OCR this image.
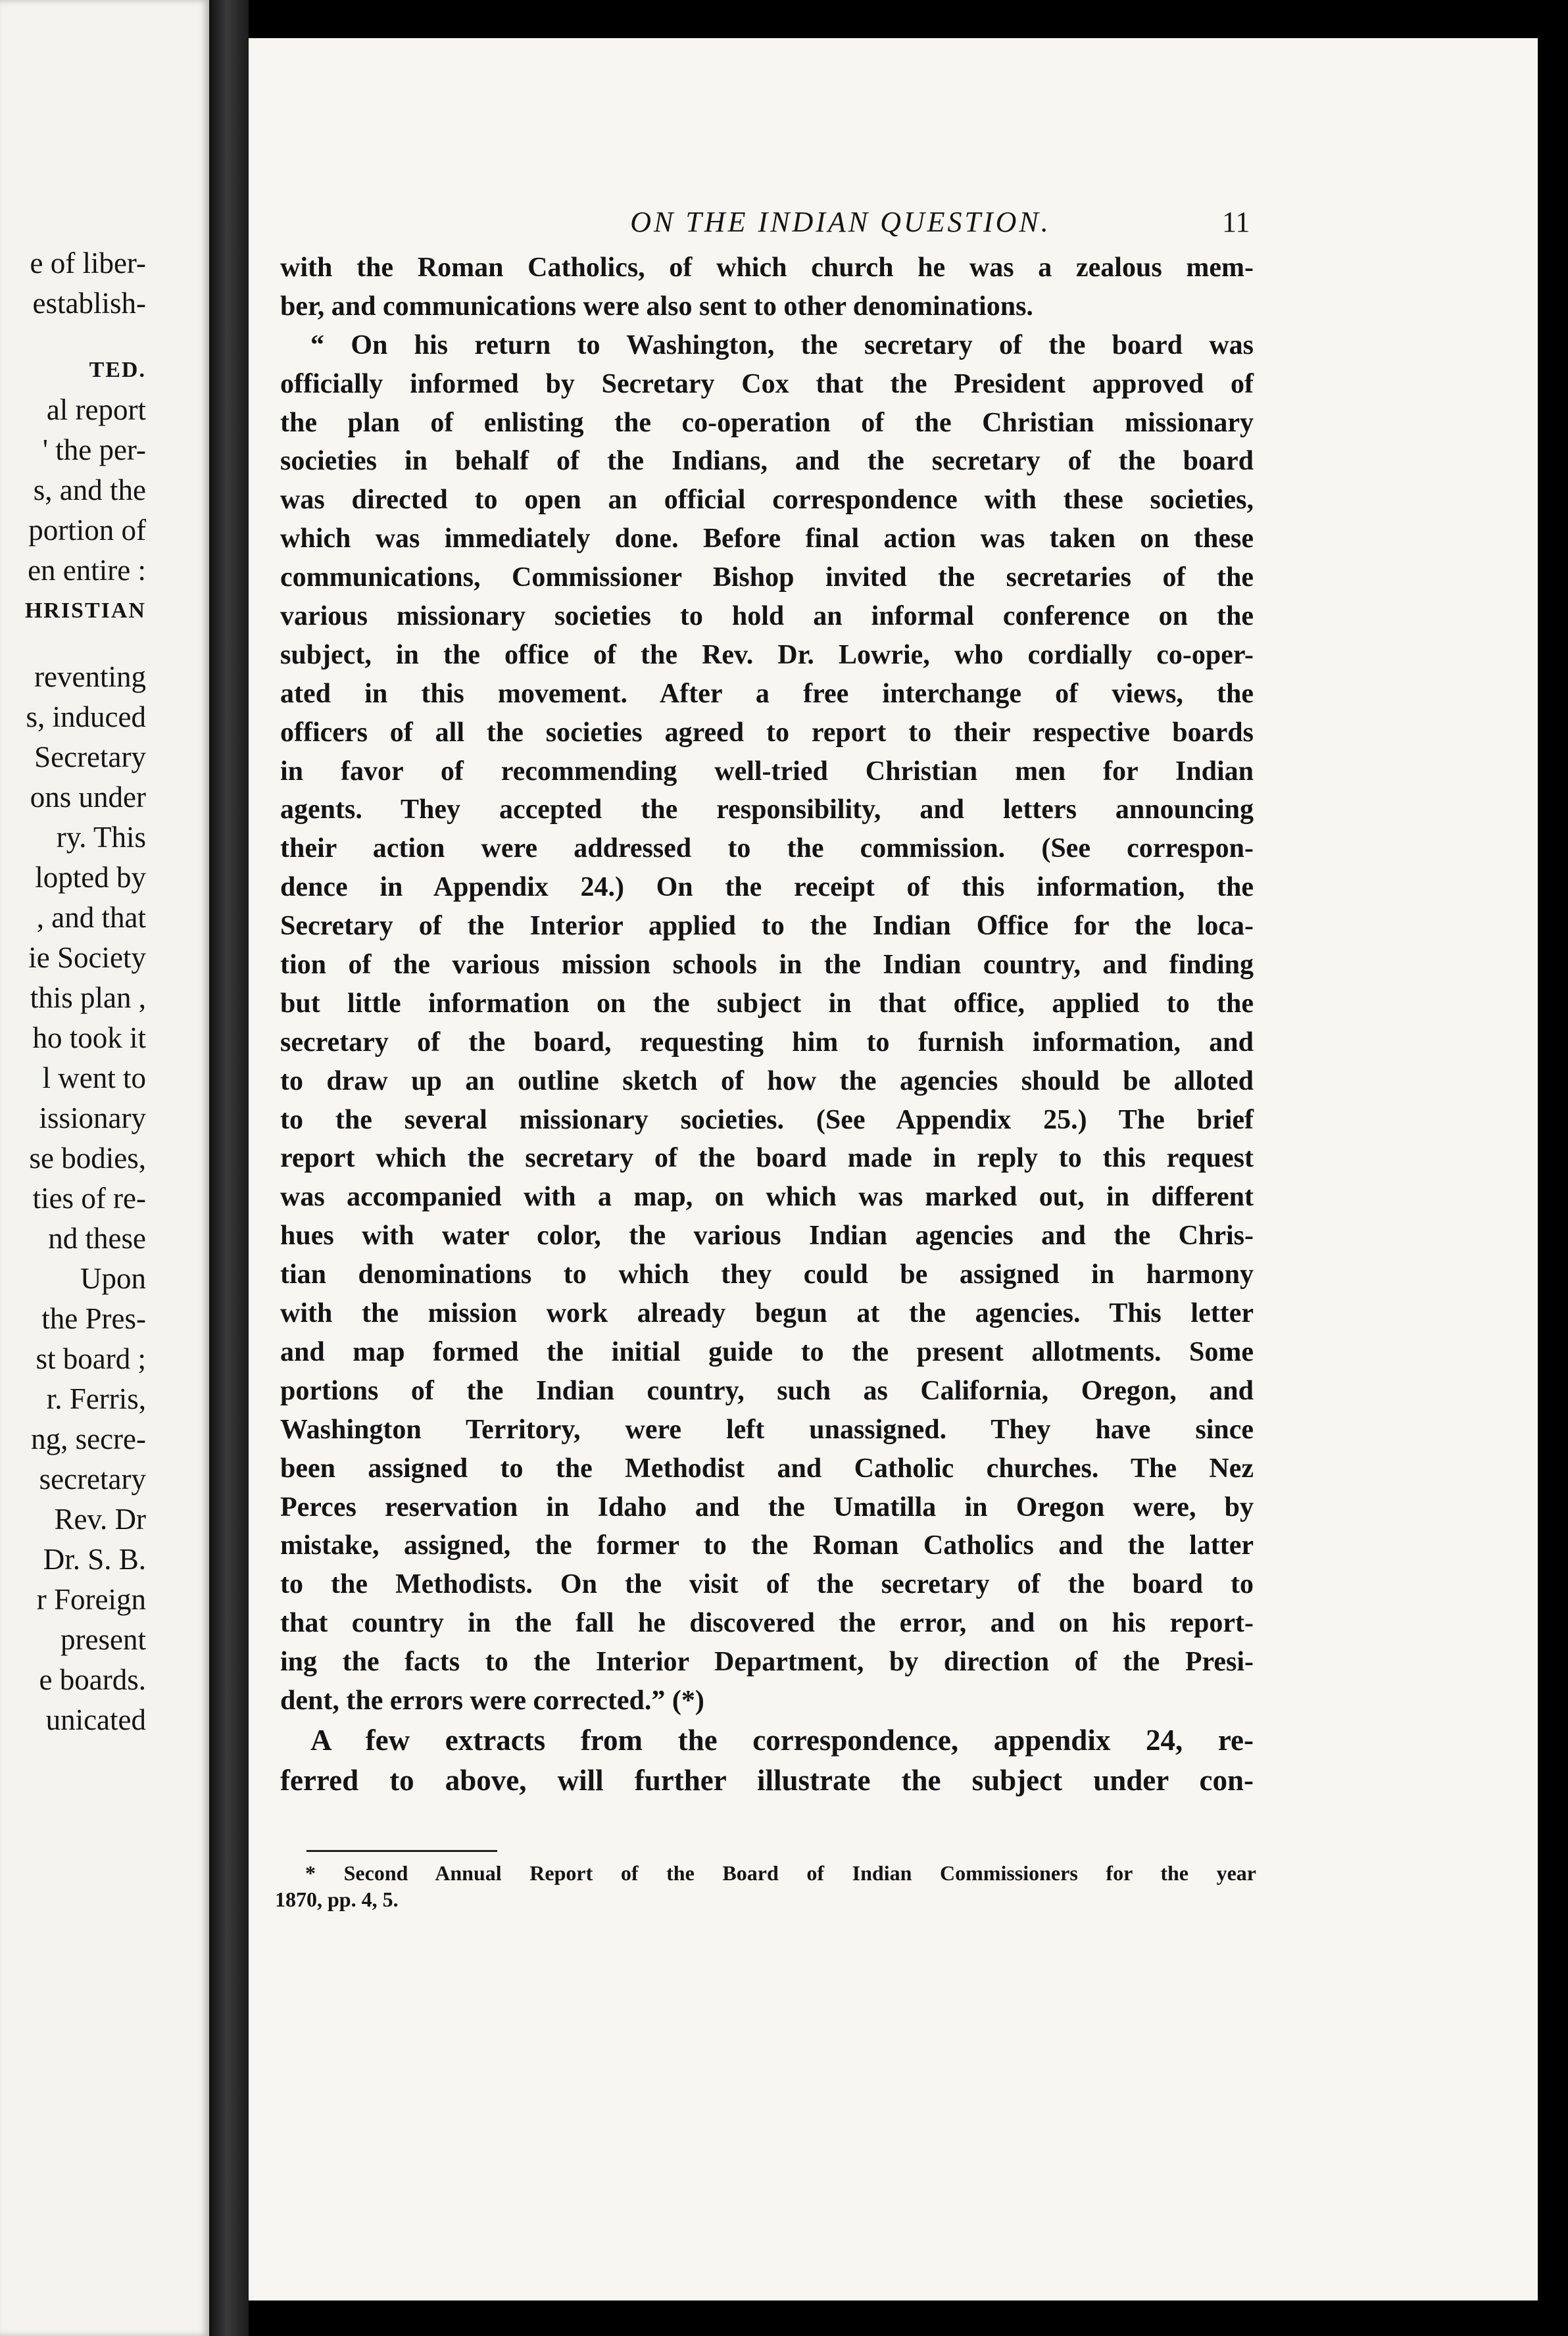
e of liber-
establish-
TED.
al report
' the per-
s, and the
portion of
en entire :
HRISTIAN
reventing
s, induced
Secretary
ons under
ry. This
lopted by
, and that
ie Society
this plan ,
ho took it
l went to
issionary
se bodies,
ties of re-
nd these
Upon
the Pres-
st board ;
r. Ferris,
ng, secre-
secretary
Rev. Dr
Dr. S. B.
r Foreign
present
e boards.
unicated
ON THE INDIAN QUESTION.	11
with the Roman Catholics, of which church he was a zealous mem-
ber, and communications were also sent to other denominations.
“ On his return to Washington, the secretary of the board was
officially informed by Secretary Cox that the President approved of
the plan of enlisting the co-operation of the Christian missionary
societies in behalf of the Indians, and the secretary of the board
was directed to open an official correspondence with these societies,
which was immediately done. Before final action was taken on these
communications, Commissioner Bishop invited the secretaries of the
various missionary societies to hold an informal conference on the
subject, in the office of the Rev. Dr. Lowrie, who cordially co-oper-
ated in this movement. After a free interchange of views, the
officers of all the societies agreed to report to their respective boards
in favor of recommending well-tried Christian men for Indian
agents. They accepted the responsibility, and letters announcing
their action were addressed to the commission. (See correspon-
dence in Appendix 24.) On the receipt of this information, the
Secretary of the Interior applied to the Indian Office for the loca-
tion of the various mission schools in the Indian country, and finding
but little information on the subject in that office, applied to the
secretary of the board, requesting him to furnish information, and
to draw up an outline sketch of how the agencies should be alloted
to the several missionary societies. (See Appendix 25.) The brief
report which the secretary of the board made in reply to this request
was accompanied with a map, on which was marked out, in different
hues with water color, the various Indian agencies and the Chris-
tian denominations to which they could be assigned in harmony
with the mission work already begun at the agencies. This letter
and map formed the initial guide to the present allotments. Some
portions of the Indian country, such as California, Oregon, and
Washington Territory, were left unassigned. They have since
been assigned to the Methodist and Catholic churches. The Nez
Perces reservation in Idaho and the Umatilla in Oregon were, by
mistake, assigned, the former to the Roman Catholics and the latter
to the Methodists. On the visit of the secretary of the board to
that country in the fall he discovered the error, and on his report-
ing the facts to the Interior Department, by direction of the Presi-
dent, the errors were corrected.” (*)
A few extracts from the correspondence, appendix 24, re-
ferred to above, will further illustrate the subject under con-
* Second Annual Report of the Board of Indian Commissioners for the year
1870, pp. 4, 5.
